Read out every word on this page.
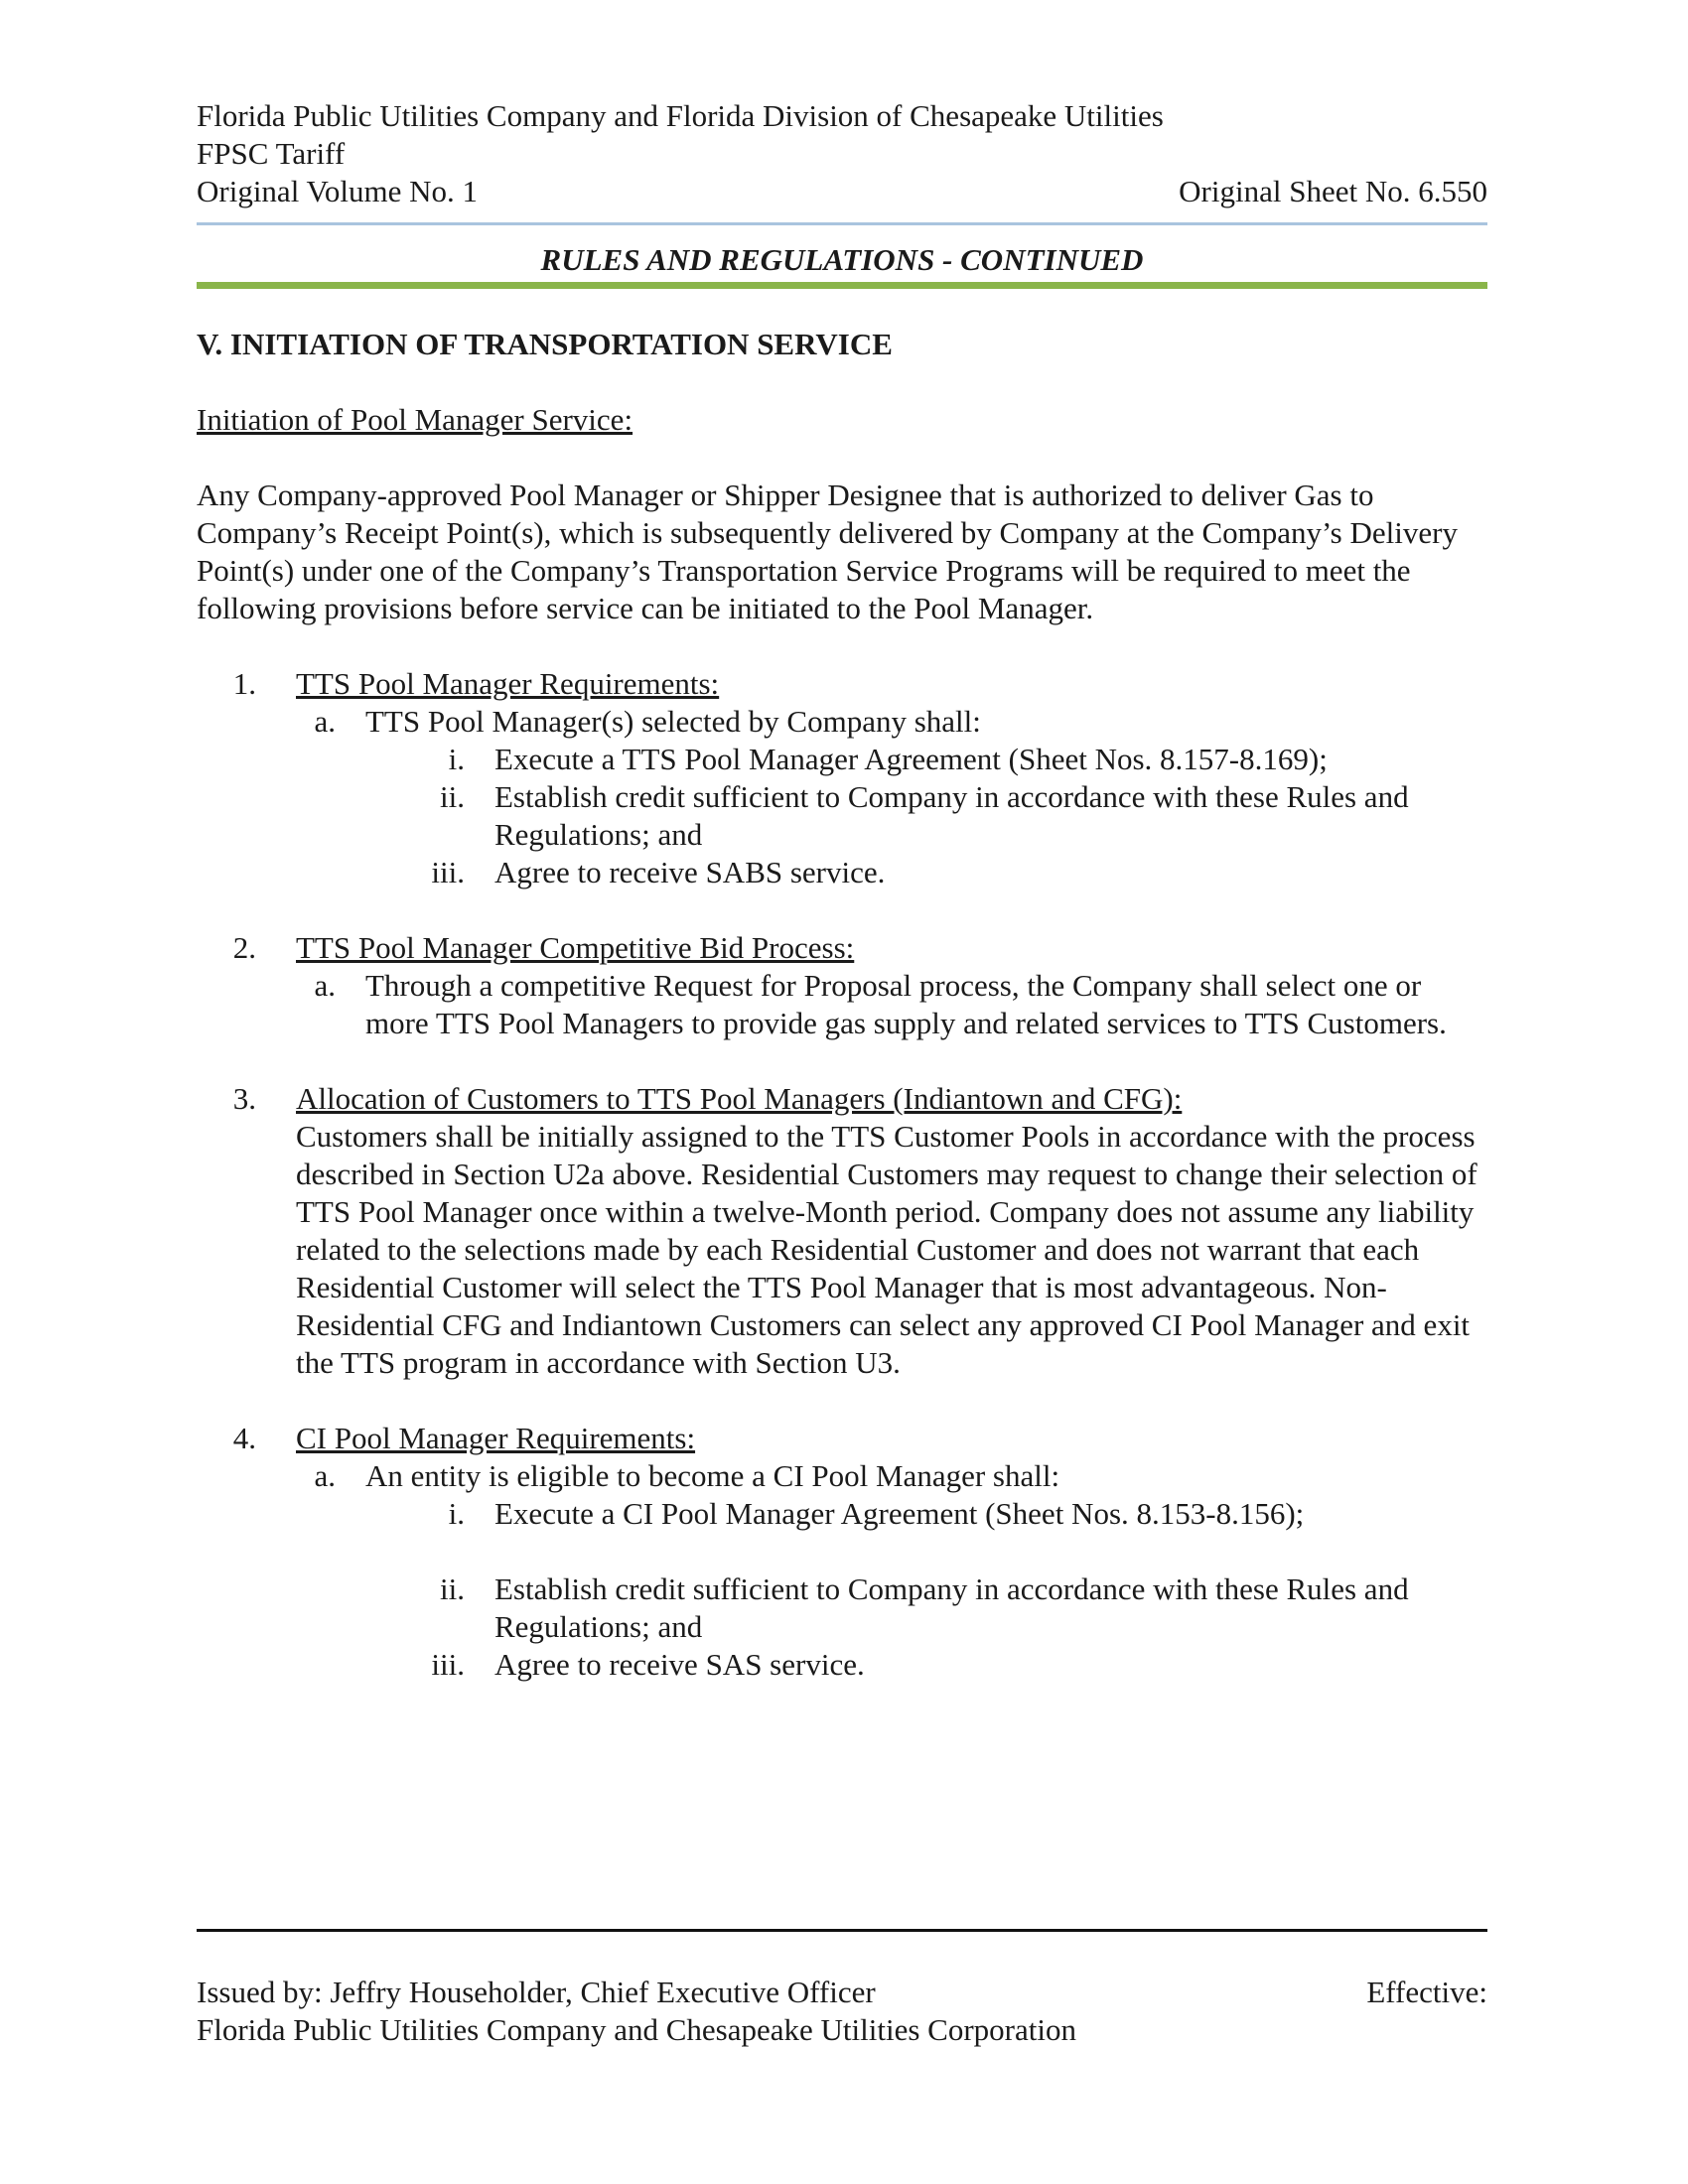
Florida Public Utilities Company and Florida Division of Chesapeake Utilities
FPSC Tariff
Original Volume No. 1	Original Sheet No. 6.550
RULES AND REGULATIONS - CONTINUED
V. INITIATION OF TRANSPORTATION SERVICE
Initiation of Pool Manager Service:
Any Company-approved Pool Manager or Shipper Designee that is authorized to deliver Gas to Company’s Receipt Point(s), which is subsequently delivered by Company at the Company’s Delivery Point(s) under one of the Company’s Transportation Service Programs will be required to meet the following provisions before service can be initiated to the Pool Manager.
1. TTS Pool Manager Requirements:
a. TTS Pool Manager(s) selected by Company shall:
i. Execute a TTS Pool Manager Agreement (Sheet Nos. 8.157-8.169);
ii. Establish credit sufficient to Company in accordance with these Rules and Regulations; and
iii. Agree to receive SABS service.
2. TTS Pool Manager Competitive Bid Process:
a. Through a competitive Request for Proposal process, the Company shall select one or more TTS Pool Managers to provide gas supply and related services to TTS Customers.
3. Allocation of Customers to TTS Pool Managers (Indiantown and CFG):
Customers shall be initially assigned to the TTS Customer Pools in accordance with the process described in Section U2a above. Residential Customers may request to change their selection of TTS Pool Manager once within a twelve-Month period. Company does not assume any liability related to the selections made by each Residential Customer and does not warrant that each Residential Customer will select the TTS Pool Manager that is most advantageous. Non-Residential CFG and Indiantown Customers can select any approved CI Pool Manager and exit the TTS program in accordance with Section U3.
4. CI Pool Manager Requirements:
a. An entity is eligible to become a CI Pool Manager shall:
i. Execute a CI Pool Manager Agreement (Sheet Nos. 8.153-8.156);
ii. Establish credit sufficient to Company in accordance with these Rules and Regulations; and
iii. Agree to receive SAS service.
Issued by: Jeffry Householder, Chief Executive Officer	Effective:
Florida Public Utilities Company and Chesapeake Utilities Corporation
